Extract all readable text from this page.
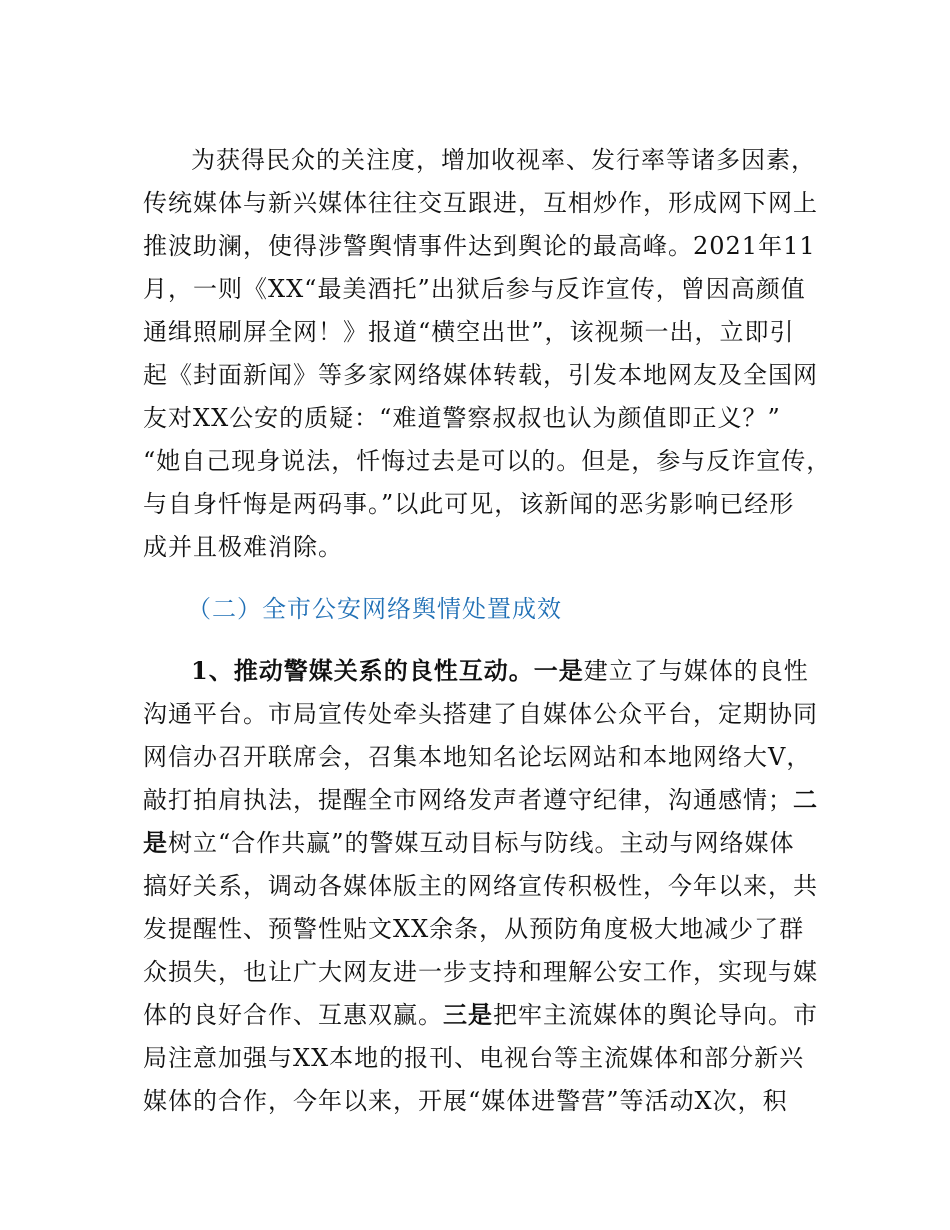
为获得民众的关注度，增加收视率、发行率等诸多因素，
传统媒体与新兴媒体往往交互跟进，互相炒作，形成网下网上
推波助澜，使得涉警舆情事件达到舆论的最高峰。2021年11
月，一则《XX“最美酒托”出狱后参与反诈宣传，曾因高颜值
通缉照刷屏全网！》报道“横空出世”，该视频一出，立即引
起《封面新闻》等多家网络媒体转载，引发本地网友及全国网
友对XX公安的质疑：“难道警察叔叔也认为颜值即正义？”
“她自己现身说法，忏悔过去是可以的。但是，参与反诈宣传，
与自身忏悔是两码事。”以此可见，该新闻的恶劣影响已经形
成并且极难消除。
（二）全市公安网络舆情处置成效
1、推动警媒关系的良性互动。一是建立了与媒体的良性
沟通平台。市局宣传处牵头搭建了自媒体公众平台，定期协同
网信办召开联席会，召集本地知名论坛网站和本地网络大V，
敲打拍肩执法，提醒全市网络发声者遵守纪律，沟通感情；二
是树立“合作共赢”的警媒互动目标与防线。主动与网络媒体
搞好关系，调动各媒体版主的网络宣传积极性，今年以来，共
发提醒性、预警性贴文XX余条，从预防角度极大地减少了群
众损失，也让广大网友进一步支持和理解公安工作，实现与媒
体的良好合作、互惠双赢。三是把牢主流媒体的舆论导向。市
局注意加强与XX本地的报刊、电视台等主流媒体和部分新兴
媒体的合作，今年以来，开展“媒体进警营”等活动X次，积
